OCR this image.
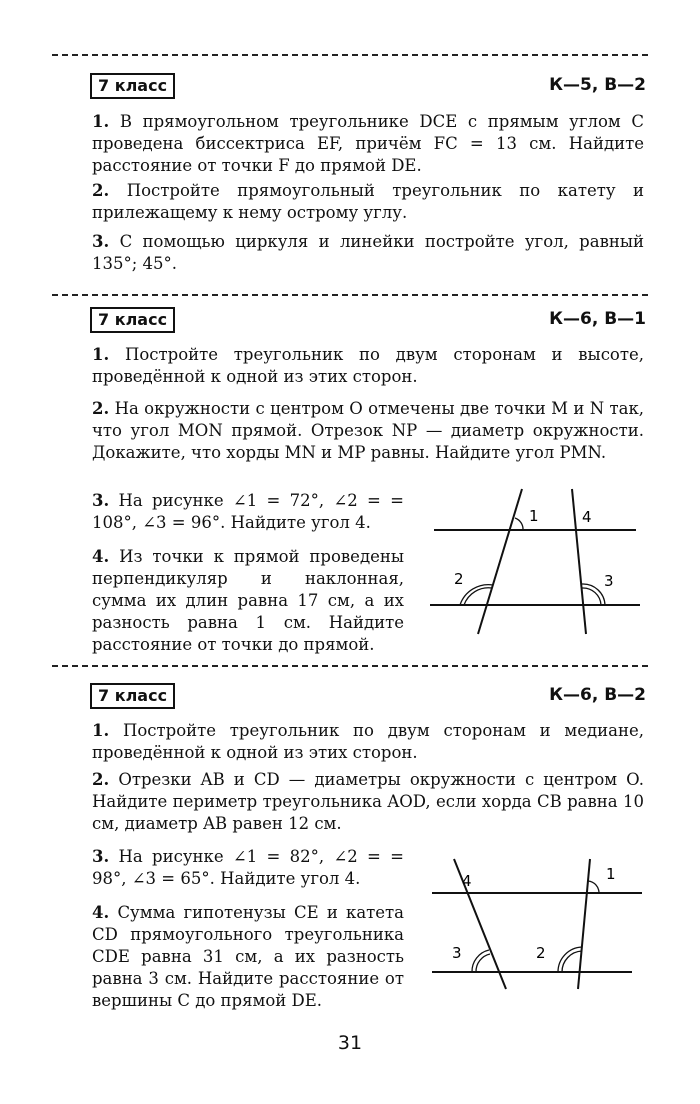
7 класс	К—5, В—2

1. В прямоугольном треугольнике DCE с прямым углом C проведена биссектриса EF, причём FC = 13 см. Найдите расстояние от точки F до прямой DE.

2. Постройте прямоугольный треугольник по катету и прилежащему к нему острому углу.

3. С помощью циркуля и линейки постройте угол, равный 135°; 45°.

7 класс	К—6, В—1

1. Постройте треугольник по двум сторонам и высоте, проведённой к одной из этих сторон.

2. На окружности с центром O отмечены две точки M и N так, что угол MON прямой. Отрезок NP — диаметр окружности. Докажите, что хорды MN и MP равны. Найдите угол PMN.

3. На рисунке ∠1 = 72°, ∠2 = = 108°, ∠3 = 96°. Найдите угол 4.

4. Из точки к прямой проведены перпендикуляр и наклонная, сумма их длин равна 17 см, а их разность равна 1 см. Найдите расстояние от точки до прямой.

1
2	3
4
7 класс	К—6, В—2

1. Постройте треугольник по двум сторонам и медиане, проведённой к одной из этих сторон.

2. Отрезки AB и CD — диаметры окружности с центром O. Найдите периметр треугольника AOD, если хорда CB равна 10 см, диаметр AB равен 12 см.

3. На рисунке ∠1 = 82°, ∠2 = = 98°, ∠3 = 65°. Найдите угол 4.

4. Сумма гипотенузы CE и катета CD прямоугольного треугольника CDE равна 31 см, а их разность равна 3 см. Найдите расстояние от вершины C до прямой DE.

1
2
3
4
31
